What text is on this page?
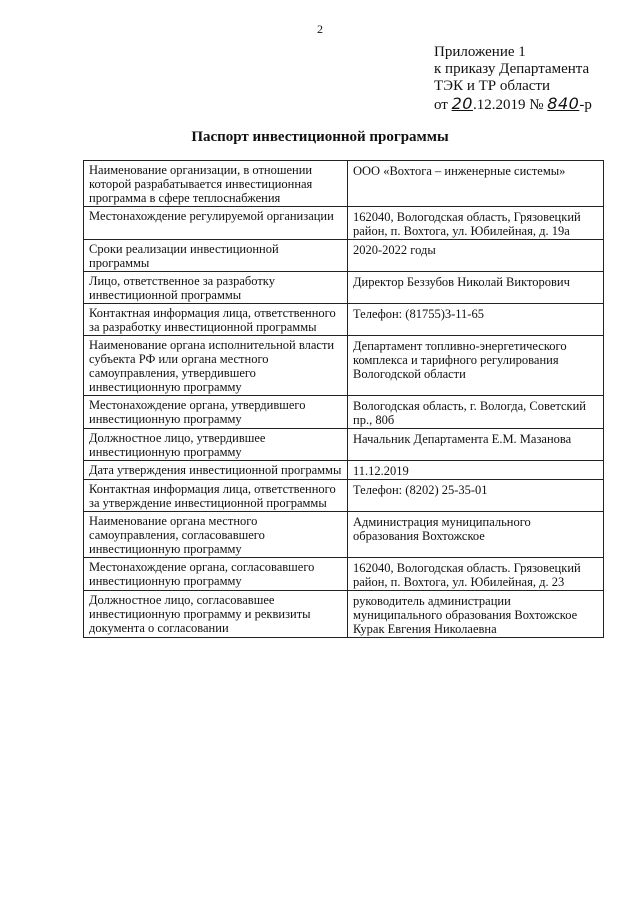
2
Приложение 1
к приказу Департамента
ТЭК и ТР области
от 20.12.2019 № 840-р
Паспорт инвестиционной программы
Наименование организации, в отношении которой разрабатывается инвестиционная программа в сфере теплоснабжения	ООО «Вохтога – инженерные системы»
Местонахождение регулируемой организации	162040, Вологодская область, Грязовецкий район, п. Вохтога, ул. Юбилейная, д. 19а
Сроки реализации инвестиционной программы	2020-2022 годы
Лицо, ответственное за разработку инвестиционной программы	Директор Беззубов Николай Викторович
Контактная информация лица, ответственного за разработку инвестиционной программы	Телефон: (81755)3-11-65
Наименование органа исполнительной власти субъекта РФ или органа местного самоуправления, утвердившего инвестиционную программу	Департамент топливно-энергетического комплекса и тарифного регулирования Вологодской области
Местонахождение органа, утвердившего инвестиционную программу	Вологодская область, г. Вологда, Советский пр., 80б
Должностное лицо, утвердившее инвестиционную программу	Начальник Департамента Е.М. Мазанова
Дата утверждения инвестиционной программы	11.12.2019
Контактная информация лица, ответственного за утверждение инвестиционной программы	Телефон: (8202) 25-35-01
Наименование органа местного самоуправления, согласовавшего инвестиционную программу	Администрация муниципального образования Вохтожское
Местонахождение органа, согласовавшего инвестиционную программу	162040, Вологодская область. Грязовецкий район, п. Вохтога, ул. Юбилейная, д. 23
Должностное лицо, согласовавшее инвестиционную программу и реквизиты документа о согласовании	руководитель администрации муниципального образования Вохтожское Курак Евгения Николаевна
